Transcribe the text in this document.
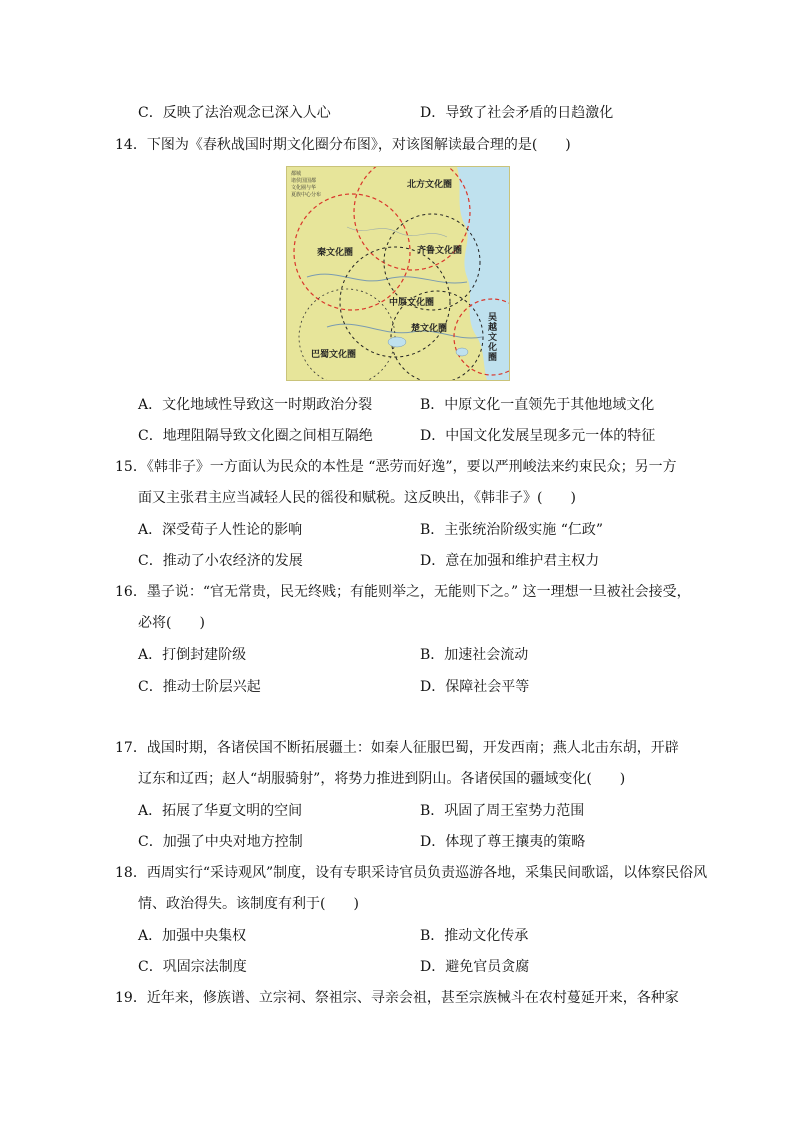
C．反映了法治观念已深入人心	D．导致了社会矛盾的日趋激化
14．下图为《春秋战国时期文化圈分布图》，对该图解读最合理的是(　　)
都城
诸侯国国都
文化圈与华
夏族中心分布
北方文化圈
秦文化圈	齐鲁文化圈
中原文化圈
楚文化圈
巴蜀文化圈	吴越文化圈
A．文化地域性导致这一时期政治分裂	B．中原文化一直领先于其他地域文化
C．地理阻隔导致文化圈之间相互隔绝	D．中国文化发展呈现多元一体的特征
15．《韩非子》一方面认为民众的本性是 “恶劳而好逸”，要以严刑峻法来约束民众；另一方
面又主张君主应当减轻人民的徭役和赋税。这反映出，《韩非子》(　　)
A．深受荀子人性论的影响	B．主张统治阶级实施 “仁政”
C．推动了小农经济的发展	D．意在加强和维护君主权力
16．墨子说：“官无常贵，民无终贱；有能则举之，无能则下之。” 这一理想一旦被社会接受，
必将(　　)
A．打倒封建阶级	B．加速社会流动
C．推动士阶层兴起	D．保障社会平等
17．战国时期，各诸侯国不断拓展疆土：如秦人征服巴蜀，开发西南；燕人北击东胡，开辟
辽东和辽西；赵人“胡服骑射”，将势力推进到阴山。各诸侯国的疆域变化(　　)
A．拓展了华夏文明的空间	B．巩固了周王室势力范围
C．加强了中央对地方控制	D．体现了尊王攘夷的策略
18．西周实行“采诗观风”制度，设有专职采诗官员负责巡游各地，采集民间歌谣，以体察民俗风
情、政治得失。该制度有利于(　　)
A．加强中央集权	B．推动文化传承
C．巩固宗法制度	D．避免官员贪腐
19．近年来，修族谱、立宗祠、祭祖宗、寻亲会祖，甚至宗族械斗在农村蔓延开来，各种家
